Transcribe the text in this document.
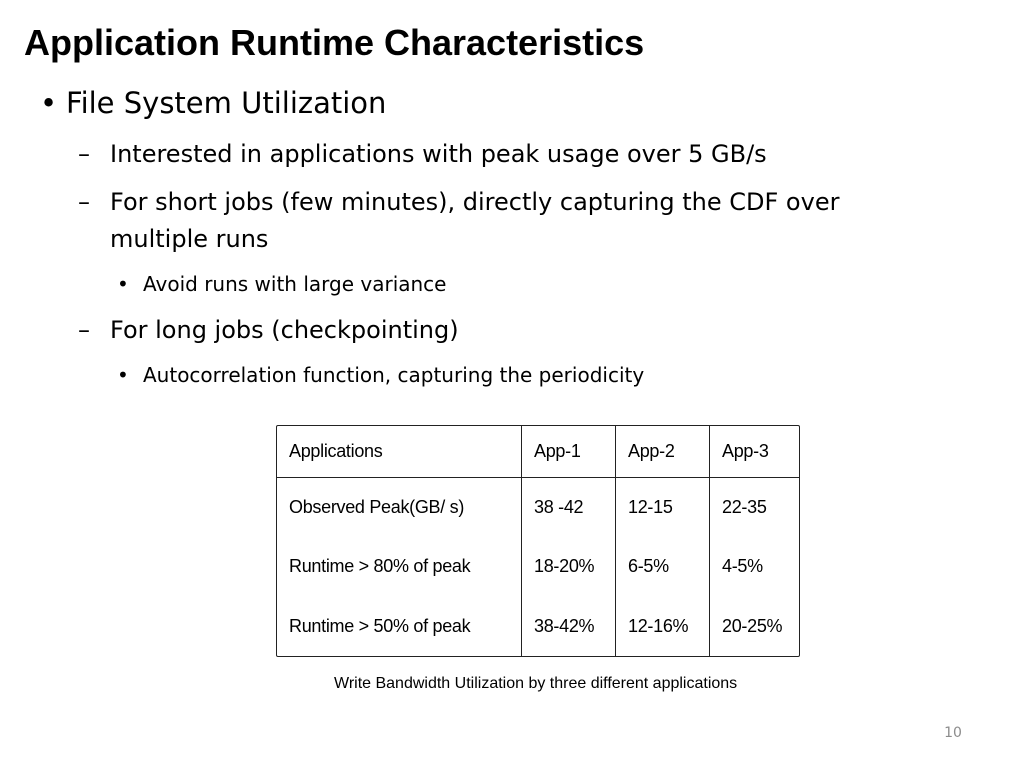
Application Runtime Characteristics
• File System Utilization
– Interested in applications with peak usage over 5 GB/s
– For short jobs (few minutes), directly capturing the CDF over
multiple runs
• Avoid runs with large variance
– For long jobs (checkpointing)
• Autocorrelation function, capturing the periodicity
Applications	App-1	App-2	App-3
Observed Peak(GB/ s)	38 -42	12-15	22-35
Runtime > 80% of peak	18-20%	6-5%	4-5%
Runtime > 50% of peak	38-42%	12-16%	20-25%
Write Bandwidth Utilization by three different applications
10
